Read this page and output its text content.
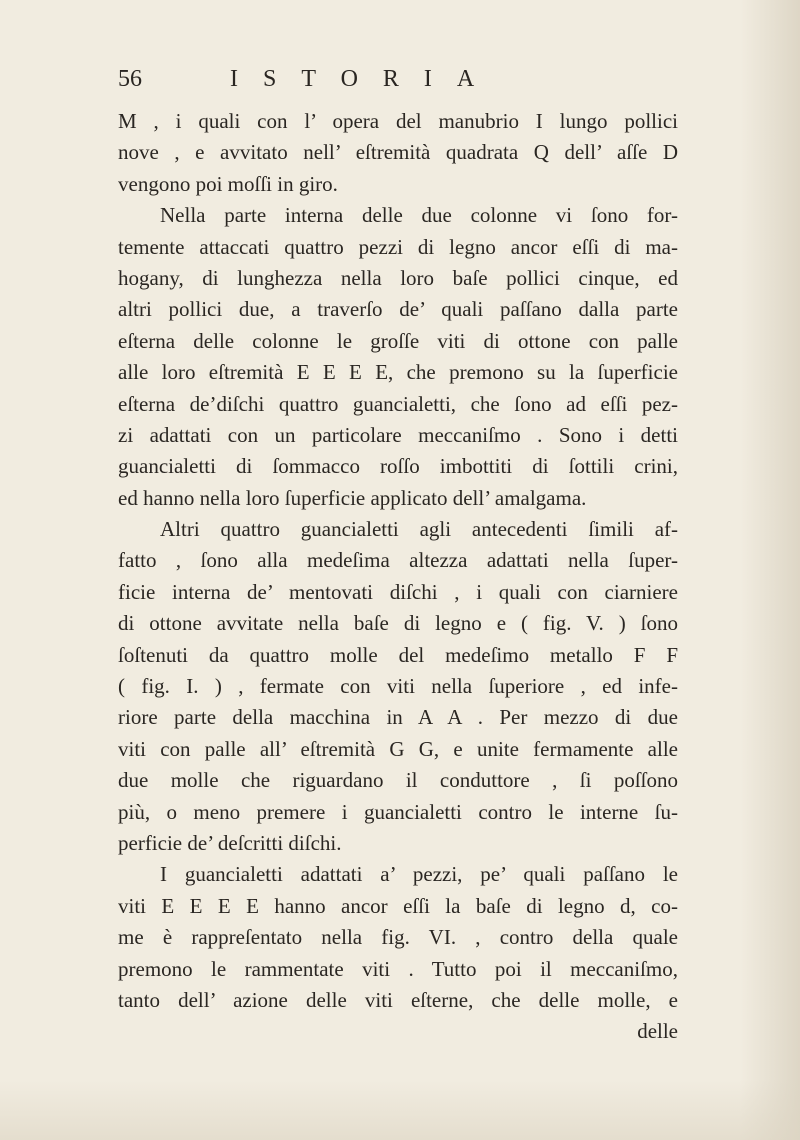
56	ISTORIA
M , i quali con l’ opera del manubrio I lungo pollici
nove , e avvitato nell’ eſtremità quadrata Q dell’ aſſe D
vengono poi moſſi in giro.
Nella parte interna delle due colonne vi ſono for-
temente attaccati quattro pezzi di legno ancor eſſi di ma-
hogany, di lunghezza nella loro baſe pollici cinque, ed
altri pollici due, a traverſo de’ quali paſſano dalla parte
eſterna delle colonne le groſſe viti di ottone con palle
alle loro eſtremità E E E E, che premono su la ſuperficie
eſterna de’diſchi quattro guancialetti, che ſono ad eſſi pez-
zi adattati con un particolare meccaniſmo . Sono i detti
guancialetti di ſommacco roſſo imbottiti di ſottili crini,
ed hanno nella loro ſuperficie applicato dell’ amalgama.
Altri quattro guancialetti agli antecedenti ſimili af-
fatto , ſono alla medeſima altezza adattati nella ſuper-
ficie interna de’ mentovati diſchi , i quali con ciarniere
di ottone avvitate nella baſe di legno e ( fig. V. ) ſono
ſoſtenuti da quattro molle del medeſimo metallo F F
( fig. I. ) , fermate con viti nella ſuperiore , ed infe-
riore parte della macchina in A A . Per mezzo di due
viti con palle all’ eſtremità G G, e unite fermamente alle
due molle che riguardano il conduttore , ſi poſſono
più, o meno premere i guancialetti contro le interne ſu-
perficie de’ deſcritti diſchi.
I guancialetti adattati a’ pezzi, pe’ quali paſſano le
viti E E E E hanno ancor eſſi la baſe di legno d, co-
me è rappreſentato nella fig. VI. , contro della quale
premono le rammentate viti . Tutto poi il meccaniſmo,
tanto dell’ azione delle viti eſterne, che delle molle, e
delle
